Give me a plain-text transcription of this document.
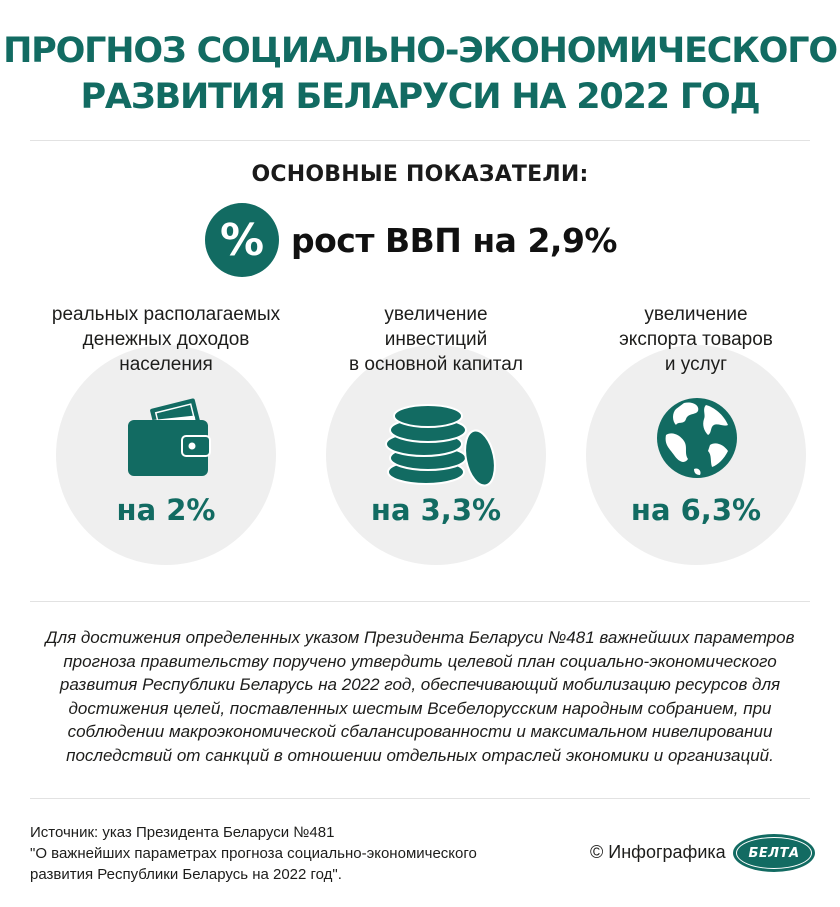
ПРОГНОЗ СОЦИАЛЬНО-ЭКОНОМИЧЕСКОГО
РАЗВИТИЯ БЕЛАРУСИ НА 2022 ГОД
ОСНОВНЫЕ ПОКАЗАТЕЛИ:
% рост ВВП на 2,9%
реальных располагаемых
денежных доходов
населения
на 2%
увеличение
инвестиций
в основной капитал
на 3,3%
увеличение
экспорта товаров
и услуг
на 6,3%
Для достижения определенных указом Президента Беларуси №481 важнейших параметров
прогноза правительству поручено утвердить целевой план социально-экономического
развития Республики Беларусь на 2022 год, обеспечивающий мобилизацию ресурсов для
достижения целей, поставленных шестым Всебелорусским народным собранием, при
соблюдении макроэкономической сбалансированности и максимальном нивелировании
последствий от санкций в отношении отдельных отраслей экономики и организаций.
Источник: указ Президента Беларуси №481
"О важнейших параметрах прогноза социально-экономического
развития Республики Беларусь на 2022 год".
© Инфографика	БЕЛТА
